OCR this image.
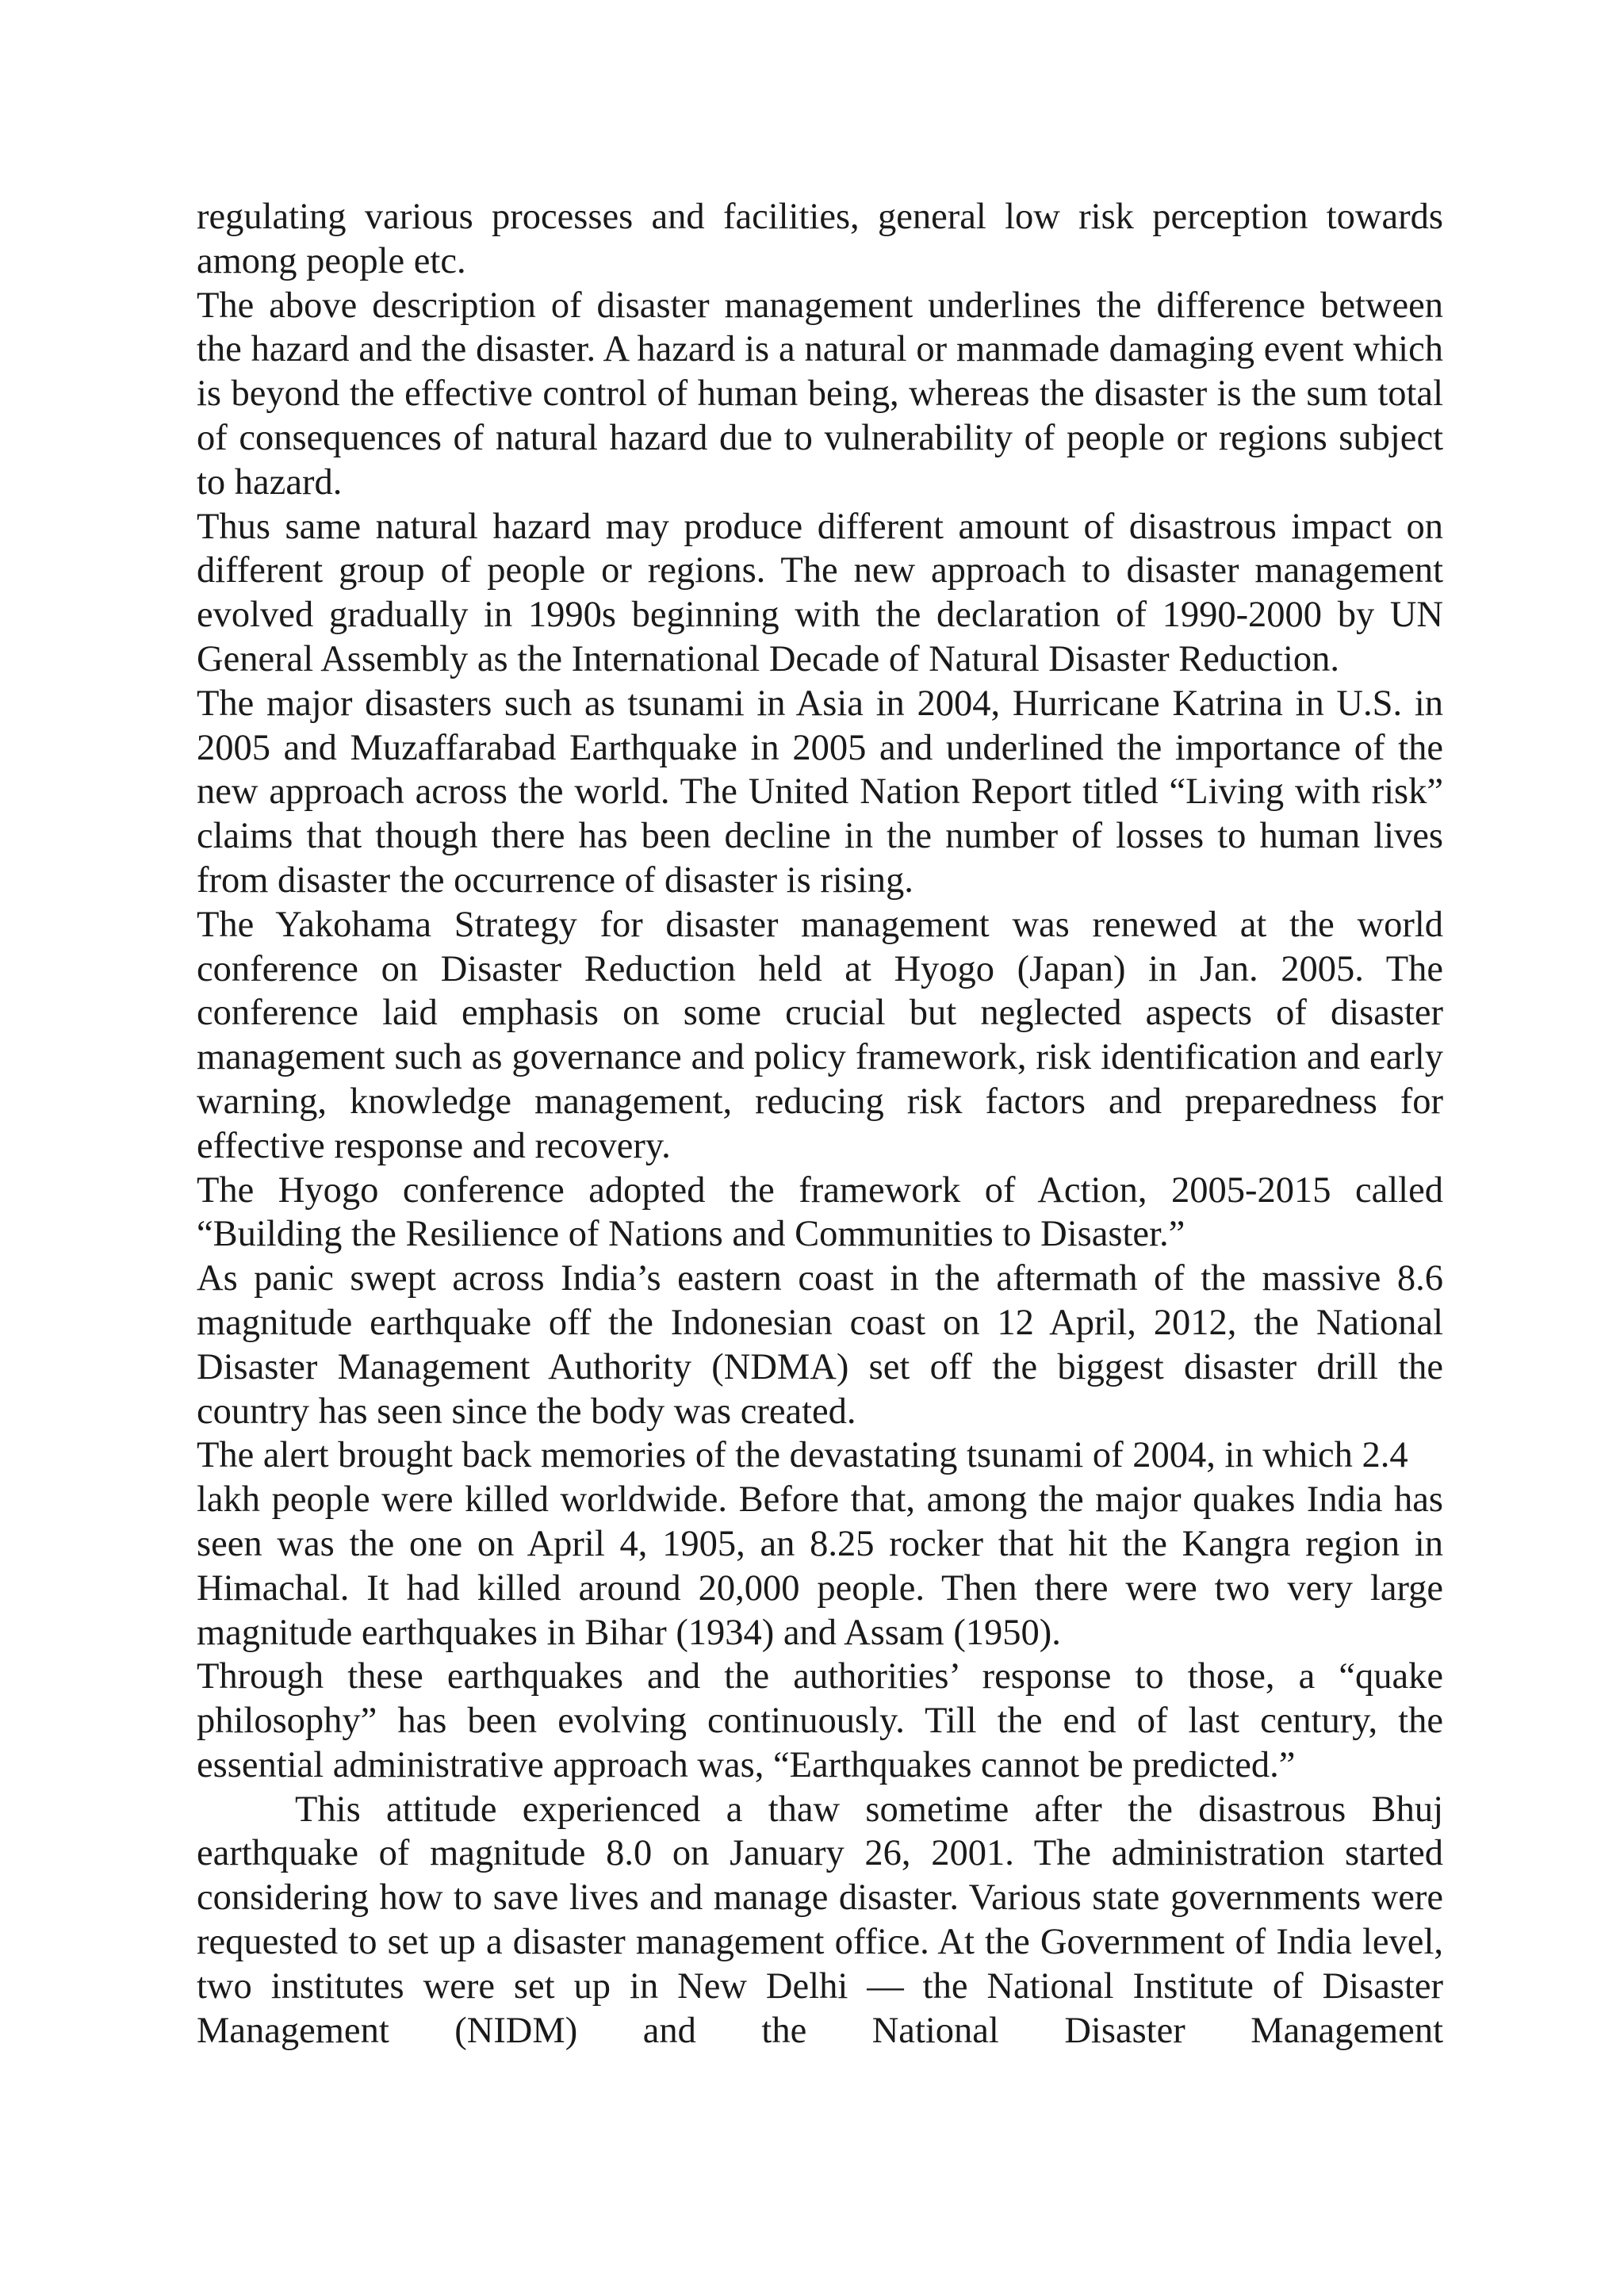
regulating various processes and facilities, general low risk perception towards among people etc.

The above description of disaster management underlines the difference between the hazard and the disaster. A hazard is a natural or manmade damaging event which is beyond the effective control of human being, whereas the disaster is the sum total of consequences of natural hazard due to vulnerability of people or regions subject to hazard.

Thus same natural hazard may produce different amount of disastrous impact on different group of people or regions. The new approach to disaster management evolved gradually in 1990s beginning with the declaration of 1990-2000 by UN General Assembly as the International Decade of Natural Disaster Reduction.

The major disasters such as tsunami in Asia in 2004, Hurricane Katrina in U.S. in 2005 and Muzaffarabad Earthquake in 2005 and underlined the importance of the new approach across the world. The United Nation Report titled “Living with risk” claims that though there has been decline in the number of losses to human lives from disaster the occurrence of disaster is rising.

The Yakohama Strategy for disaster management was renewed at the world conference on Disaster Reduction held at Hyogo (Japan) in Jan. 2005. The conference laid emphasis on some crucial but neglected aspects of disaster management such as governance and policy framework, risk identification and early warning, knowledge management, reducing risk factors and preparedness for effective response and recovery.

The Hyogo conference adopted the framework of Action, 2005-2015 called “Building the Resilience of Nations and Communities to Disaster.”

As panic swept across India’s eastern coast in the aftermath of the massive 8.6 magnitude earthquake off the Indonesian coast on 12 April, 2012, the National Disaster Management Authority (NDMA) set off the biggest disaster drill the country has seen since the body was created.

The alert brought back memories of the devastating tsunami of 2004, in which 2.4

lakh people were killed worldwide. Before that, among the major quakes India has seen was the one on April 4, 1905, an 8.25 rocker that hit the Kangra region in Himachal. It had killed around 20,000 people. Then there were two very large magnitude earthquakes in Bihar (1934) and Assam (1950).

Through these earthquakes and the authorities’ response to those, a “quake philosophy” has been evolving continuously. Till the end of last century, the essential administrative approach was, “Earthquakes cannot be predicted.”

This attitude experienced a thaw sometime after the disastrous Bhuj earthquake of magnitude 8.0 on January 26, 2001. The administration started considering how to save lives and manage disaster. Various state governments were requested to set up a disaster management office. At the Government of India level, two institutes were set up in New Delhi — the National Institute of Disaster Management (NIDM) and the National Disaster Management
